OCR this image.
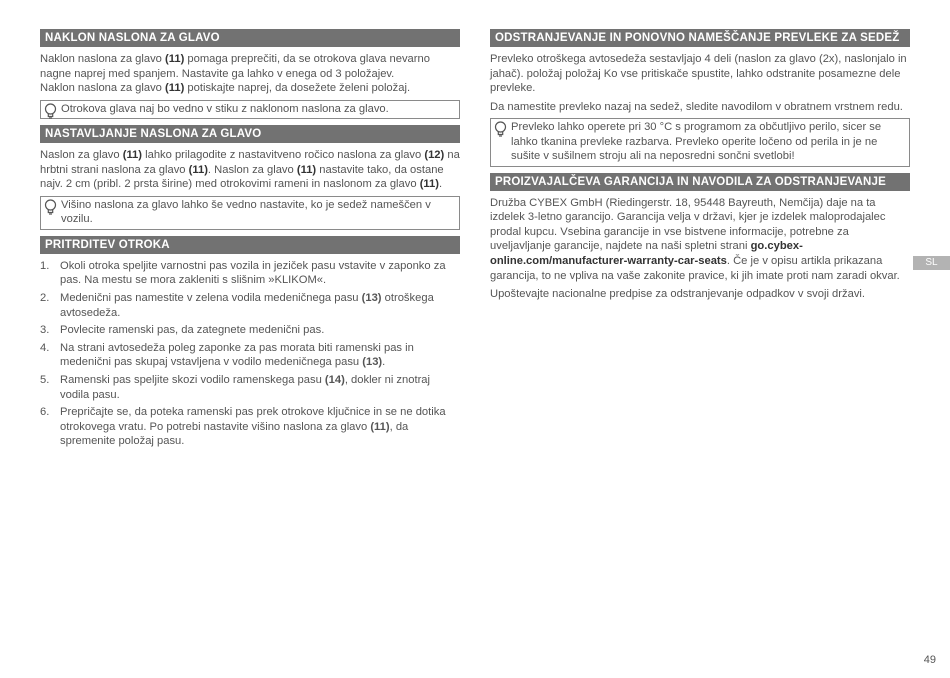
NAKLON NASLONA ZA GLAVO

Naklon naslona za glavo (11) pomaga preprečiti, da se otrokova glava nevarno nagne naprej med spanjem. Nastavite ga lahko v enega od 3 položajev.
Naklon naslona za glavo (11) potiskajte naprej, da dosežete želeni položaj.

Otrokova glava naj bo vedno v stiku z naklonom naslona za glavo.
NASTAVLJANJE NASLONA ZA GLAVO

Naslon za glavo (11) lahko prilagodite z nastavitveno ročico naslona za glavo (12) na hrbtni strani naslona za glavo (11). Naslon za glavo (11) nastavite tako, da ostane najv. 2 cm (pribl. 2 prsta širine) med otrokovimi rameni in naslonom za glavo (11).

Višino naslona za glavo lahko še vedno nastavite, ko je sedež nameščen v vozilu.
PRITRDITEV OTROKA
1. Okoli otroka speljite varnostni pas vozila in jeziček pasu vstavite v zaponko za pas. Na mestu se mora zakleniti s slišnim »KLIKOM«.
2. Medenični pas namestite v zelena vodila medeničnega pasu (13) otroškega avtosedeža.
3. Povlecite ramenski pas, da zategnete medenični pas.
4. Na strani avtosedeža poleg zaponke za pas morata biti ramenski pas in medenični pas skupaj vstavljena v vodilo medeničnega pasu (13).
5. Ramenski pas speljite skozi vodilo ramenskega pasu (14), dokler ni znotraj vodila pasu.
6. Prepričajte se, da poteka ramenski pas prek otrokove ključnice in se ne dotika otrokovega vratu. Po potrebi nastavite višino naslona za glavo (11), da spremenite položaj pasu.
ODSTRANJEVANJE IN PONOVNO NAMEŠČANJE PREVLEKE ZA SEDEŽ

Prevleko otroškega avtosedeža sestavljajo 4 deli (naslon za glavo (2x), naslonjalo in jahač). položaj položaj Ko vse pritiskače spustite, lahko odstranite posamezne dele prevleke.

Da namestite prevleko nazaj na sedež, sledite navodilom v obratnem vrstnem redu.

Prevleko lahko operete pri 30 °C s programom za občutljivo perilo, sicer se lahko tkanina prevleke razbarva. Prevleko operite ločeno od perila in je ne sušite v sušilnem stroju ali na neposredni sončni svetlobi!
PROIZVAJALČEVA GARANCIJA IN NAVODILA ZA ODSTRANJEVANJE

Družba CYBEX GmbH (Riedingerstr. 18, 95448 Bayreuth, Nemčija) daje na ta izdelek 3-letno garancijo. Garancija velja v državi, kjer je izdelek maloprodajalec prodal kupcu. Vsebina garancije in vse bistvene informacije, potrebne za uveljavljanje garancije, najdete na naši spletni strani go.cybex-online.com/manufacturer-warranty-car-seats. Če je v opisu artikla prikazana garancija, to ne vpliva na vaše zakonite pravice, ki jih imate proti nam zaradi okvar.

Upoštevajte nacionalne predpise za odstranjevanje odpadkov v svoji državi.

SL
49
